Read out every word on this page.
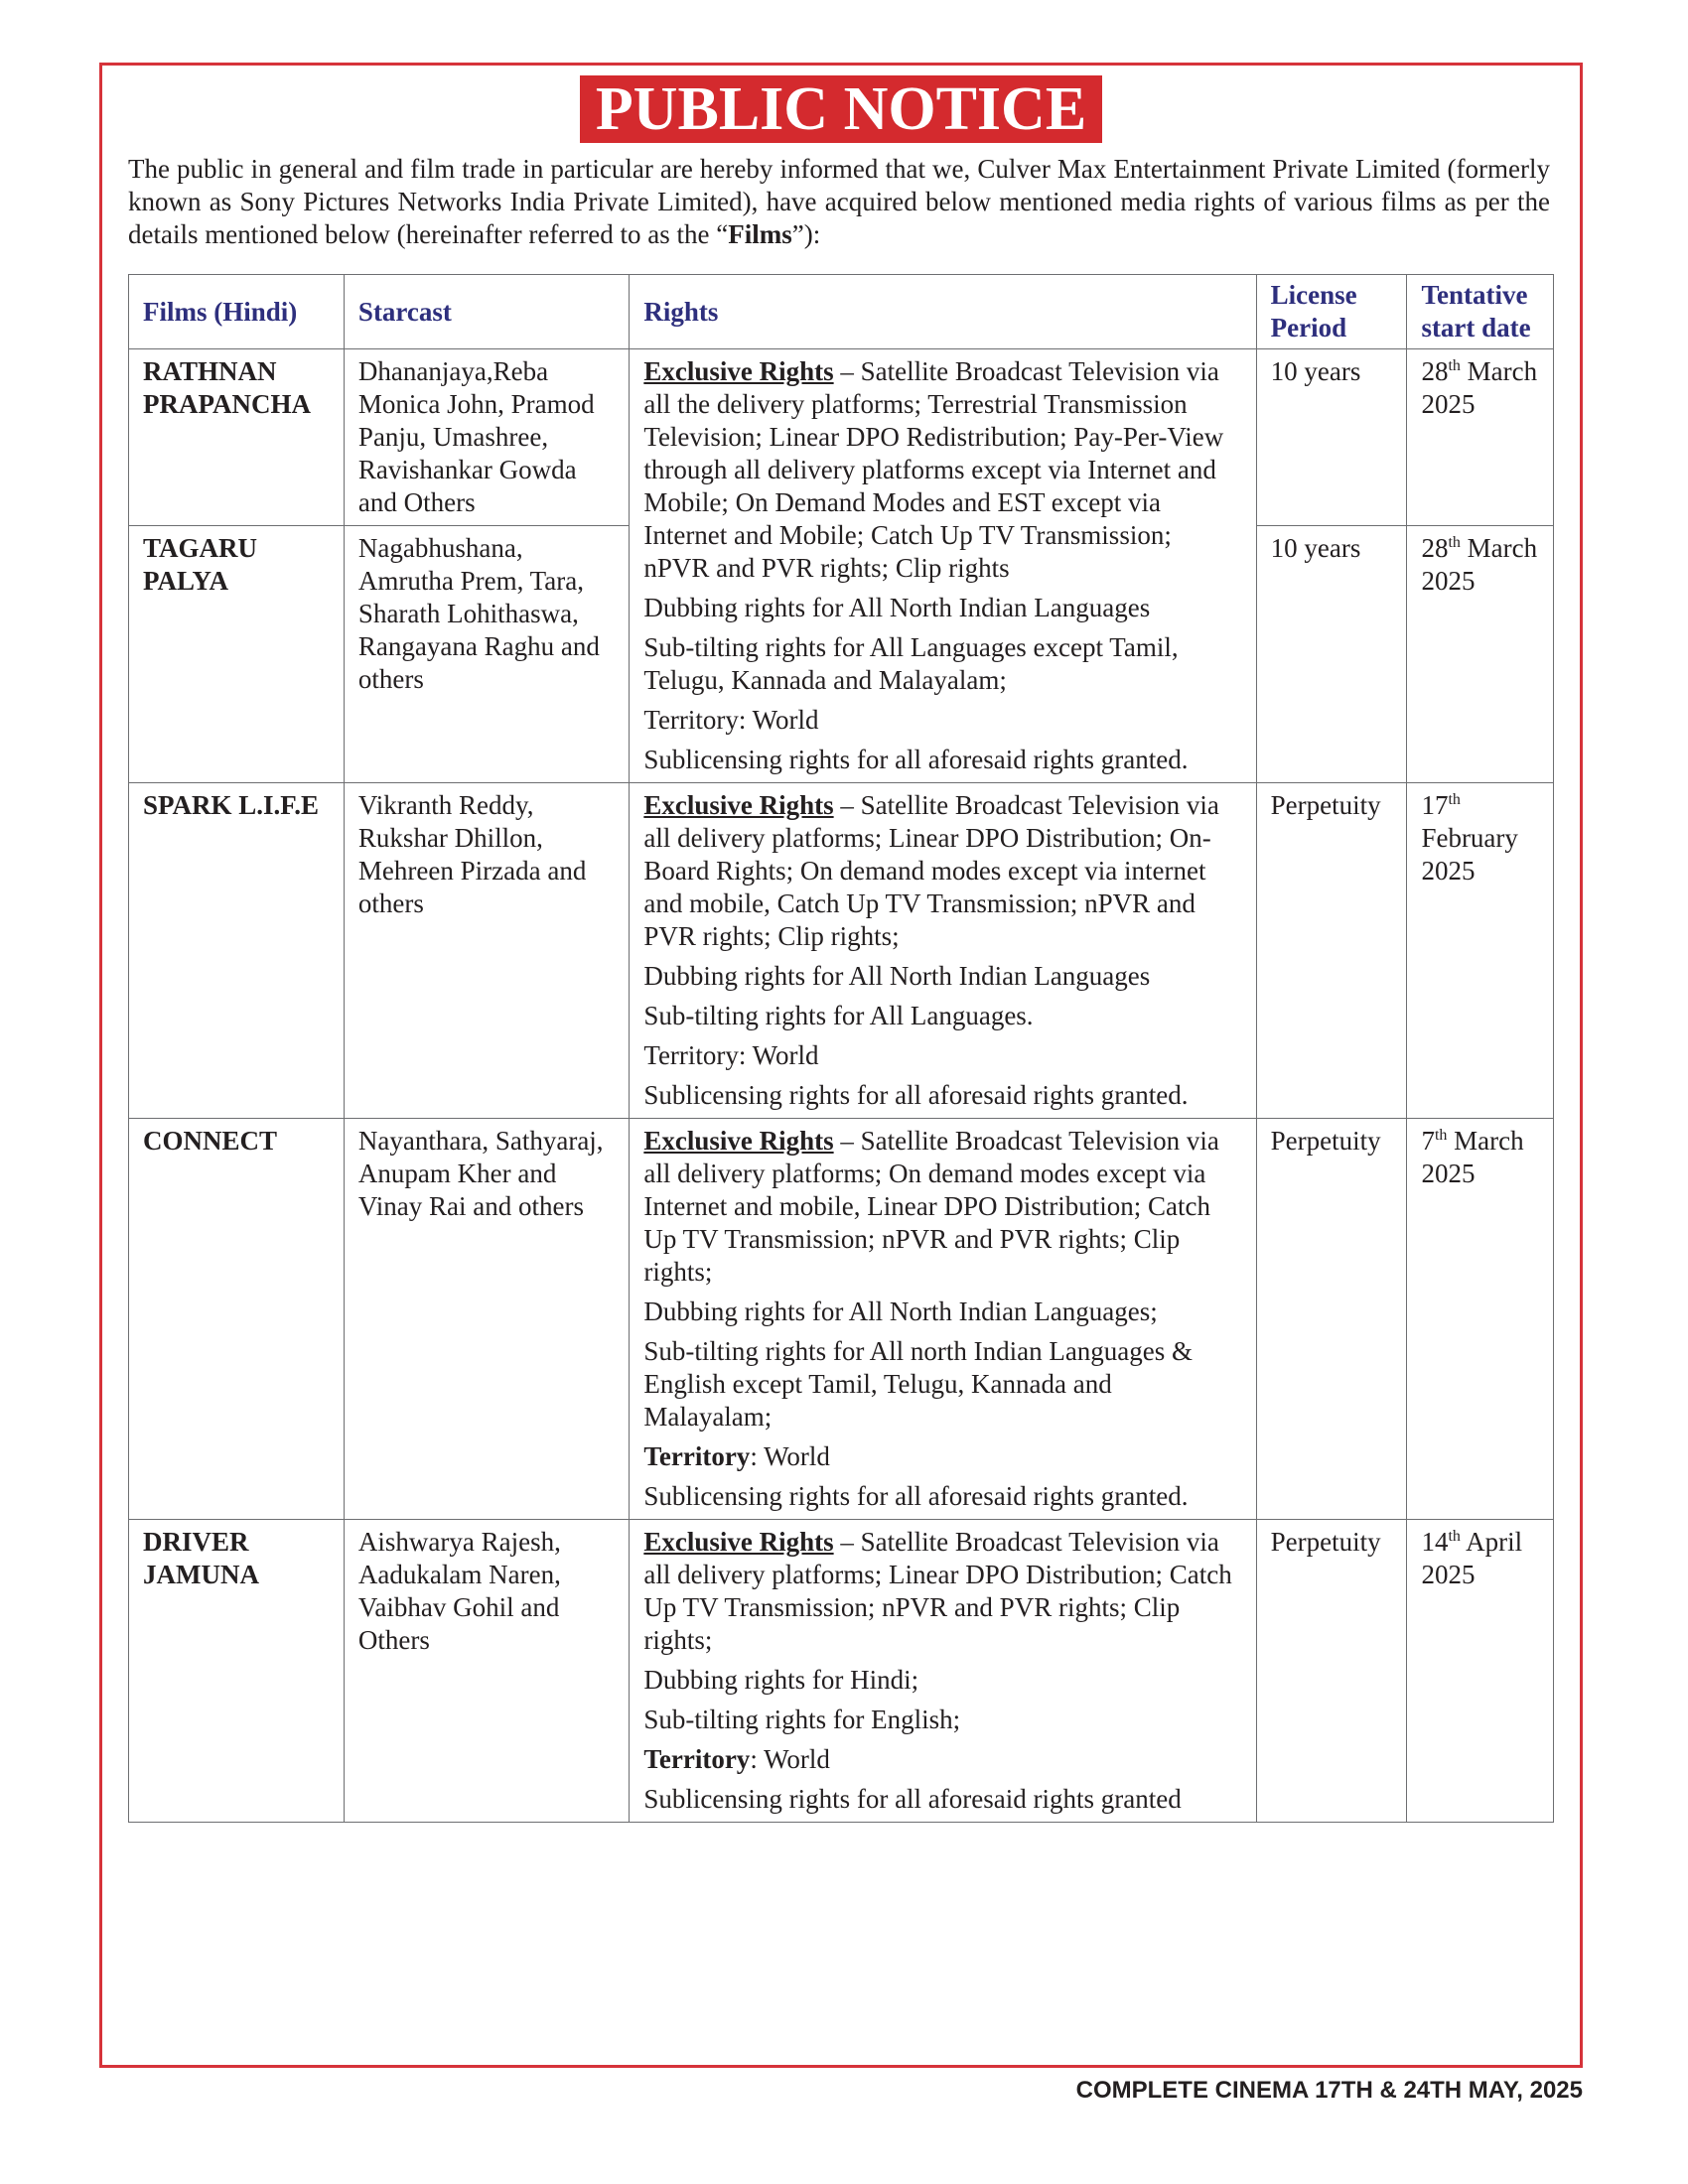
PUBLIC NOTICE
The public in general and film trade in particular are hereby informed that we, Culver Max Entertainment Private Limited (formerly known as Sony Pictures Networks India Private Limited), have acquired below mentioned media rights of various films as per the details mentioned below (hereinafter referred to as the “Films”):
Films (Hindi)	Starcast	Rights	License Period	Tentative start date
RATHNAN PRAPANCHA	Dhananjaya,Reba Monica John, Pramod Panju, Umashree, Ravishankar Gowda and Others	Exclusive Rights – Satellite Broadcast Television via all the delivery platforms; Terrestrial Transmission Television; Linear DPO Redistribution; Pay-Per-View through all delivery platforms except via Internet and Mobile; On Demand Modes and EST except via Internet and Mobile; Catch Up TV Transmission; nPVR and PVR rights; Clip rights

Dubbing rights for All North Indian Languages

Sub-tilting rights for All Languages except Tamil, Telugu, Kannada and Malayalam;

Territory: World

Sublicensing rights for all aforesaid rights granted.	10 years	28th March 2025
TAGARU PALYA	Nagabhushana, Amrutha Prem, Tara, Sharath Lohithaswa, Rangayana Raghu and others		10 years	28th March 2025
SPARK L.I.F.E	Vikranth Reddy, Rukshar Dhillon, Mehreen Pirzada and others	Exclusive Rights – Satellite Broadcast Television via all delivery platforms; Linear DPO Distribution; On-Board Rights; On demand modes except via internet and mobile, Catch Up TV Transmission; nPVR and PVR rights; Clip rights;

Dubbing rights for All North Indian Languages

Sub-tilting rights for All Languages.

Territory: World

Sublicensing rights for all aforesaid rights granted.	Perpetuity	17th February 2025
CONNECT	Nayanthara, Sathyaraj, Anupam Kher and Vinay Rai and others	Exclusive Rights – Satellite Broadcast Television via all delivery platforms; On demand modes except via Internet and mobile, Linear DPO Distribution; Catch Up TV Transmission; nPVR and PVR rights; Clip rights;

Dubbing rights for All North Indian Languages;

Sub-tilting rights for All north Indian Languages & English except Tamil, Telugu, Kannada and Malayalam;

Territory: World

Sublicensing rights for all aforesaid rights granted.	Perpetuity	7th March 2025
DRIVER JAMUNA	Aishwarya Rajesh, Aadukalam Naren, Vaibhav Gohil and Others	Exclusive Rights – Satellite Broadcast Television via all delivery platforms; Linear DPO Distribution; Catch Up TV Transmission; nPVR and PVR rights; Clip rights;

Dubbing rights for Hindi;

Sub-tilting rights for English;

Territory: World

Sublicensing rights for all aforesaid rights granted	Perpetuity	14th April 2025
COMPLETE CINEMA 17TH & 24TH MAY, 2025
